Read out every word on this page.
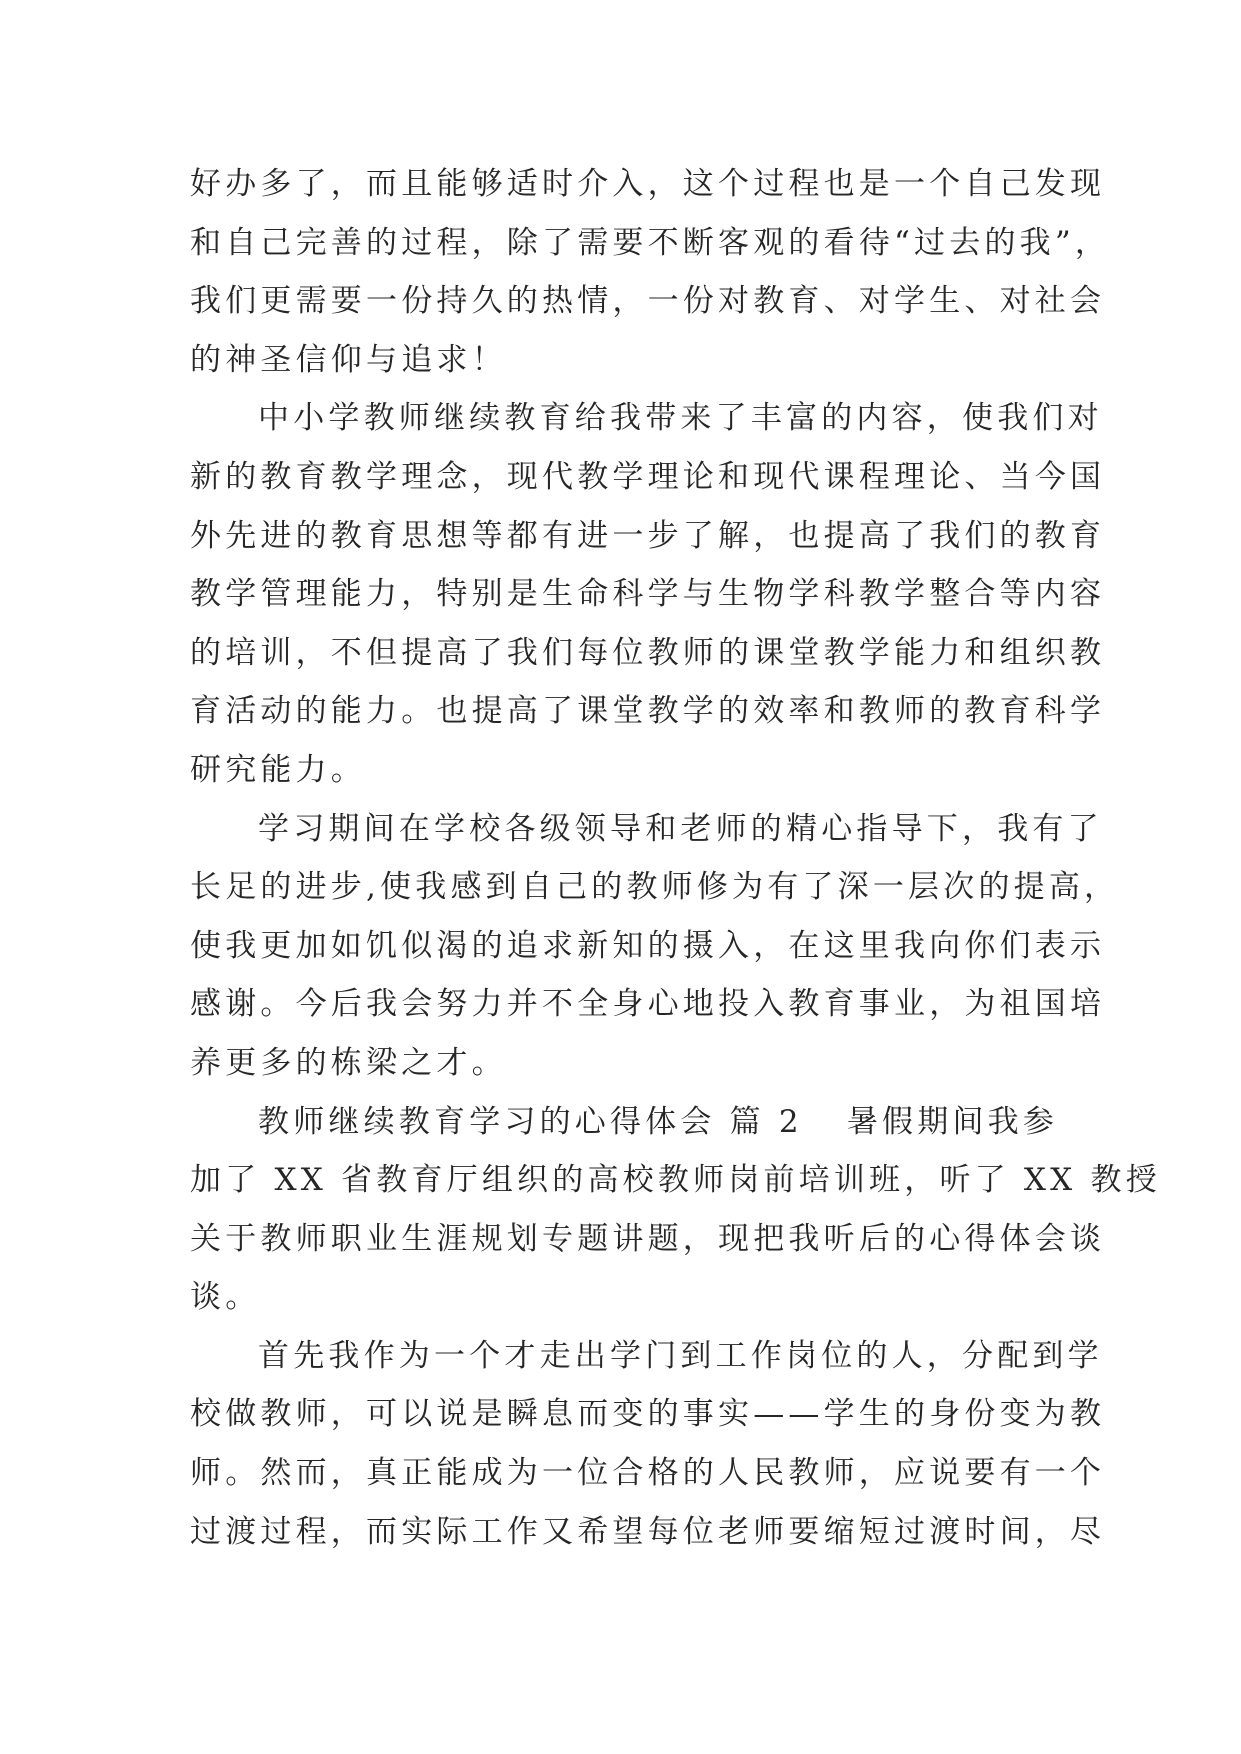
好办多了，而且能够适时介入，这个过程也是一个自己发现
和自己完善的过程，除了需要不断客观的看待“过去的我”，
我们更需要一份持久的热情，一份对教育、对学生、对社会
的神圣信仰与追求！
中小学教师继续教育给我带来了丰富的内容，使我们对
新的教育教学理念，现代教学理论和现代课程理论、当今国
外先进的教育思想等都有进一步了解，也提高了我们的教育
教学管理能力，特别是生命科学与生物学科教学整合等内容
的培训，不但提高了我们每位教师的课堂教学能力和组织教
育活动的能力。也提高了课堂教学的效率和教师的教育科学
研究能力。
学习期间在学校各级领导和老师的精心指导下，我有了
长足的进步,使我感到自己的教师修为有了深一层次的提高，
使我更加如饥似渴的追求新知的摄入，在这里我向你们表示
感谢。今后我会努力并不全身心地投入教育事业，为祖国培
养更多的栋梁之才。
教师继续教育学习的心得体会 篇 2 暑假期间我参
加了 XX 省教育厅组织的高校教师岗前培训班，听了 XX 教授
关于教师职业生涯规划专题讲题，现把我听后的心得体会谈
谈。
首先我作为一个才走出学门到工作岗位的人，分配到学
校做教师，可以说是瞬息而变的事实——学生的身份变为教
师。然而，真正能成为一位合格的人民教师，应说要有一个
过渡过程，而实际工作又希望每位老师要缩短过渡时间，尽
